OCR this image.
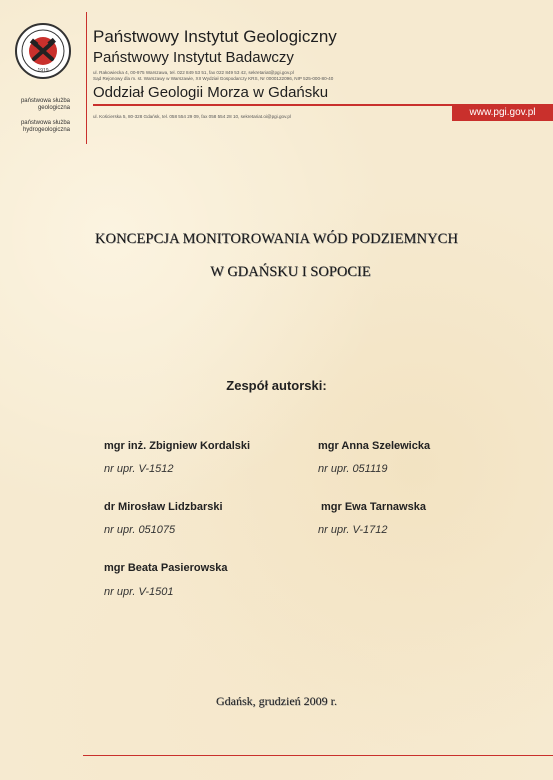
1919
państwowa służba geologiczna
państwowa służba hydrogeologiczna
Państwowy Instytut Geologiczny
Państwowy Instytut Badawczy
ul. Rakowiecka 4, 00-975 Warszawa, tel. 022 849 53 51, fax 022 849 53 42, sekretariat@pgi.gov.pl
Sąd Rejonowy dla m. st. Warszawy w Warszawie, XII Wydział Gospodarczy KRS, Nr 0000122096, NIP 525-000-80-40
Oddział Geologii Morza w Gdańsku
www.pgi.gov.pl
ul. Kościerska 5, 80-328 Gdańsk, tel. 058 554 29 09, fax 058 554 28 10, sekretariat.oi@pgi.gov.pl
KONCEPCJA MONITOROWANIA WÓD PODZIEMNYCH
W GDAŃSKU I SOPOCIE
Zespół autorski:
mgr inż. Zbigniew Kordalski
nr upr. V-1512
mgr Anna Szelewicka
nr upr. 051119
dr Mirosław Lidzbarski
nr upr. 051075
mgr Ewa Tarnawska
nr upr. V-1712
mgr Beata Pasierowska
nr upr. V-1501
Gdańsk, grudzień 2009 r.
